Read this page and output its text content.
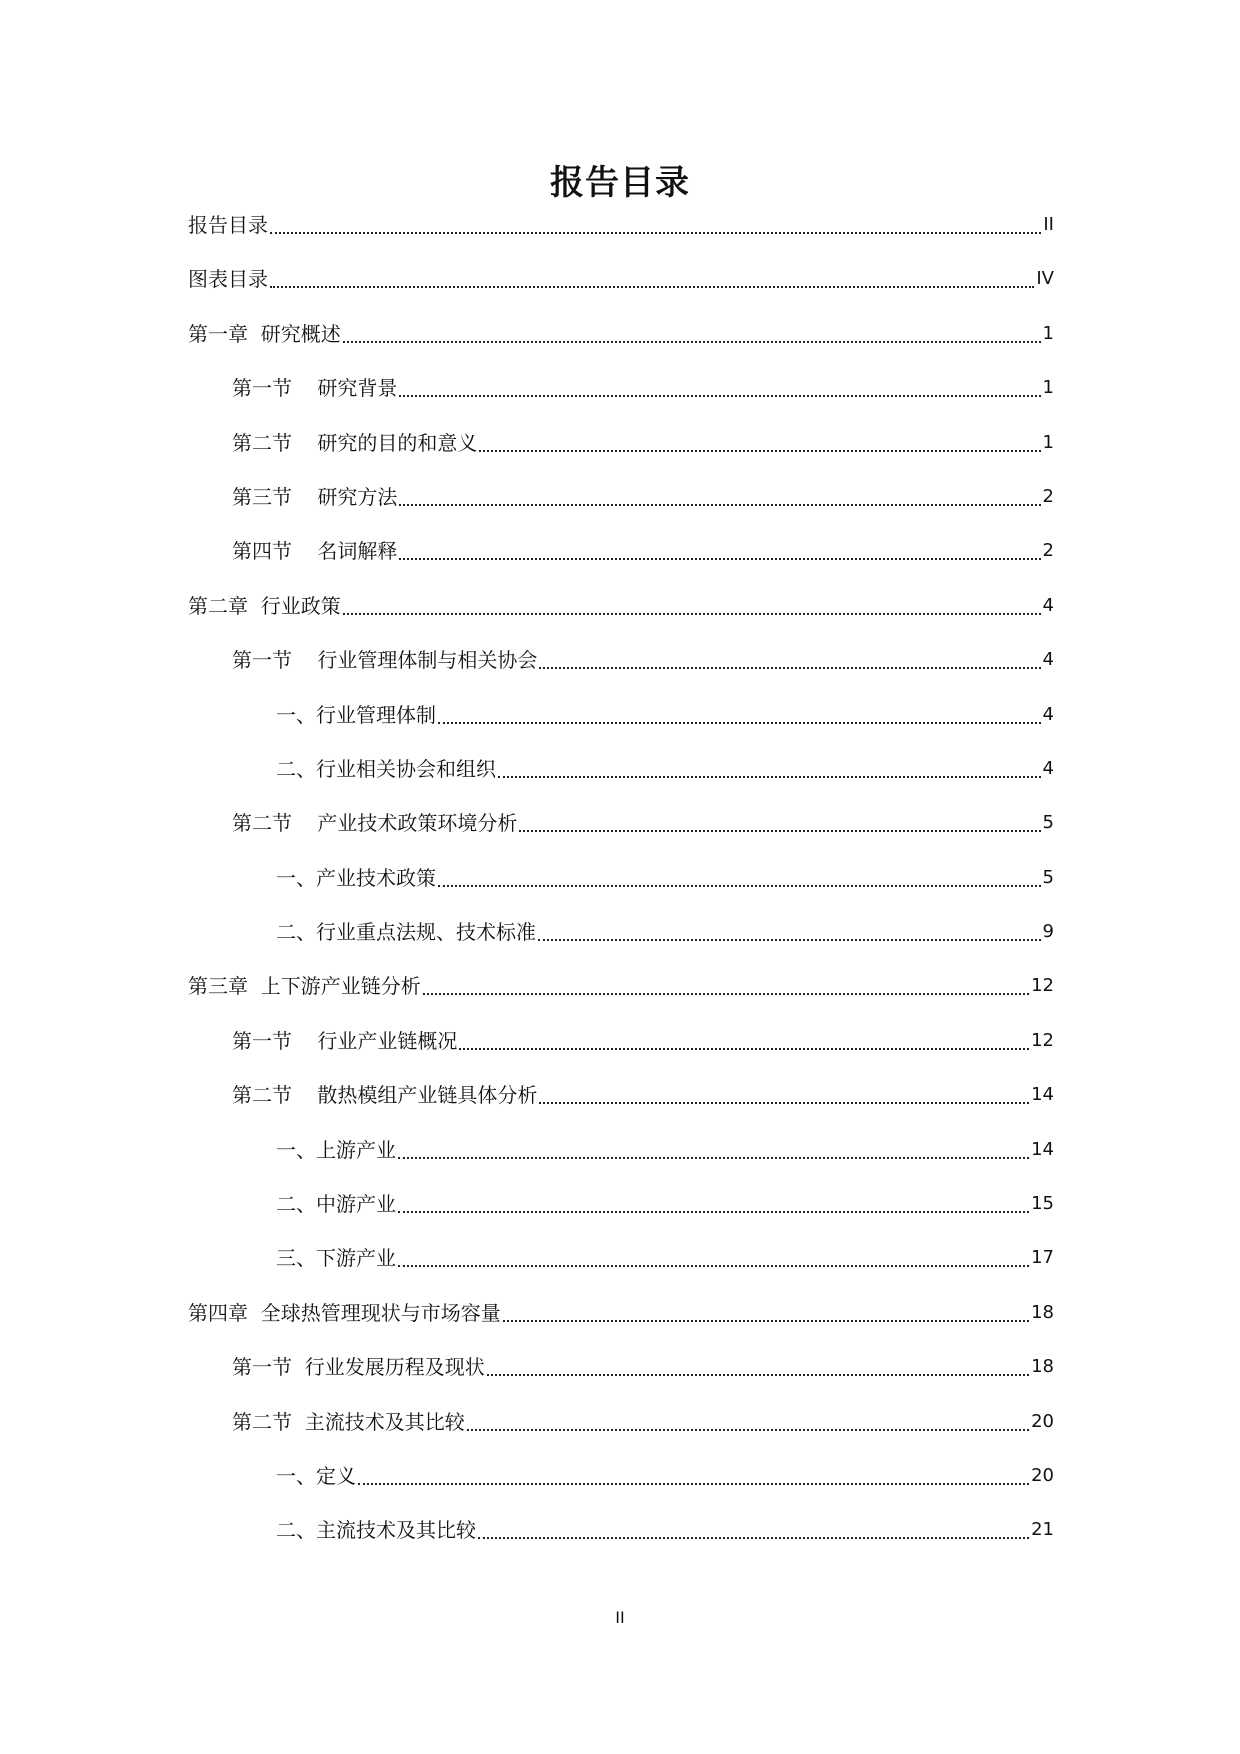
报告目录
报告目录	II
图表目录	IV
第一章  研究概述	1
第一节    研究背景	1
第二节    研究的目的和意义	1
第三节    研究方法	2
第四节    名词解释	2
第二章  行业政策	4
第一节    行业管理体制与相关协会	4
一、行业管理体制	4
二、行业相关协会和组织	4
第二节    产业技术政策环境分析	5
一、产业技术政策	5
二、行业重点法规、技术标准	9
第三章  上下游产业链分析	12
第一节    行业产业链概况	12
第二节    散热模组产业链具体分析	14
一、上游产业	14
二、中游产业	15
三、下游产业	17
第四章  全球热管理现状与市场容量	18
第一节  行业发展历程及现状	18
第二节  主流技术及其比较	20
一、定义	20
二、主流技术及其比较	21
II
